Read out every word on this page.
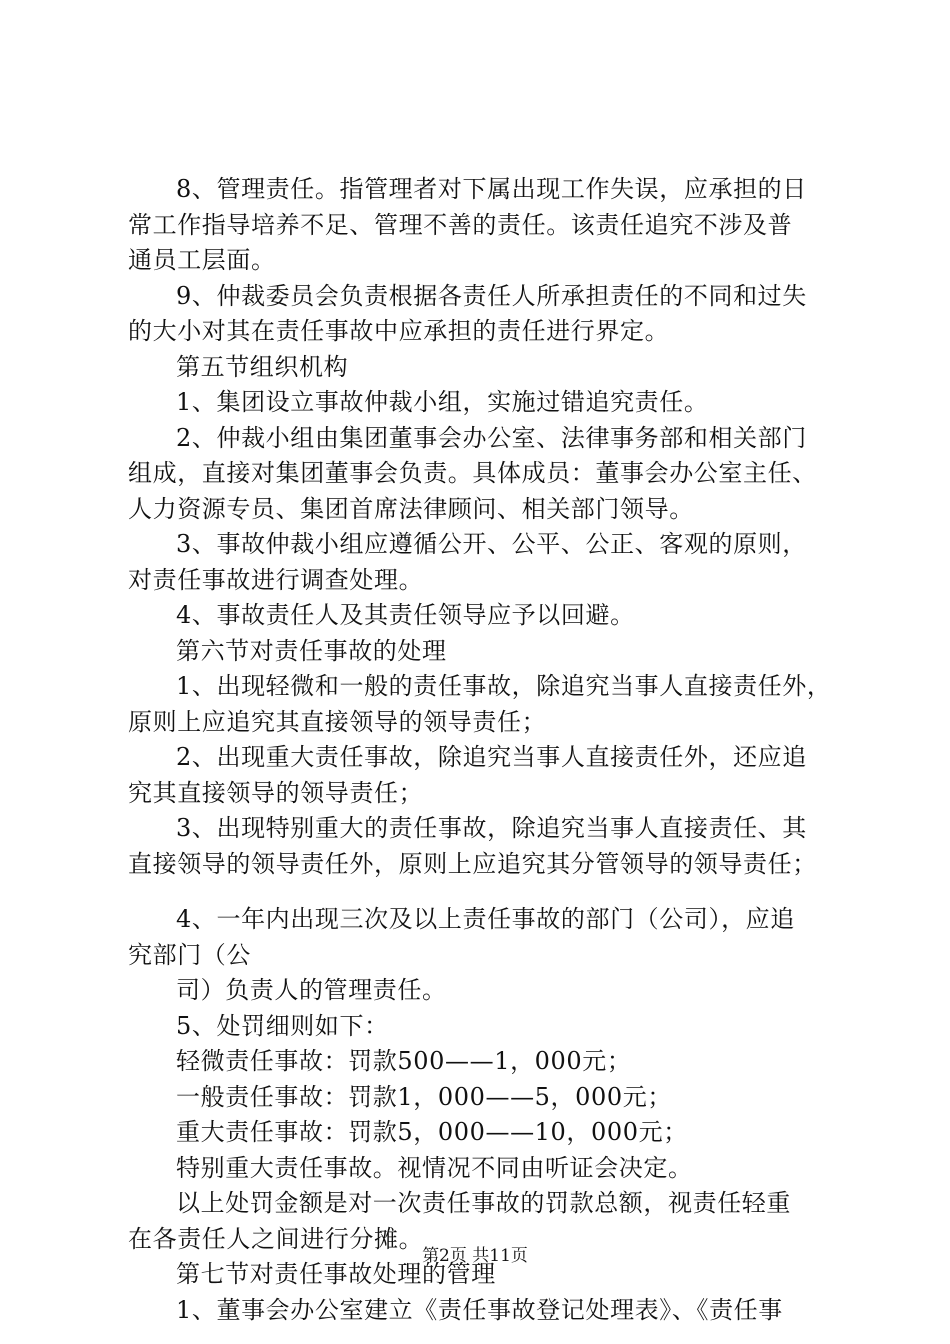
8、管理责任。指管理者对下属出现工作失误，应承担的日
常工作指导培养不足、管理不善的责任。该责任追究不涉及普
通员工层面。
9、仲裁委员会负责根据各责任人所承担责任的不同和过失
的大小对其在责任事故中应承担的责任进行界定。
第五节组织机构
1、集团设立事故仲裁小组，实施过错追究责任。
2、仲裁小组由集团董事会办公室、法律事务部和相关部门
组成，直接对集团董事会负责。具体成员：董事会办公室主任、
人力资源专员、集团首席法律顾问、相关部门领导。
3、事故仲裁小组应遵循公开、公平、公正、客观的原则，
对责任事故进行调查处理。
4、事故责任人及其责任领导应予以回避。
第六节对责任事故的处理
1、出现轻微和一般的责任事故，除追究当事人直接责任外，
原则上应追究其直接领导的领导责任；
2、出现重大责任事故，除追究当事人直接责任外，还应追
究其直接领导的领导责任；
3、出现特别重大的责任事故，除追究当事人直接责任、其
直接领导的领导责任外，原则上应追究其分管领导的领导责任；
4、一年内出现三次及以上责任事故的部门（公司），应追
究部门（公
司）负责人的管理责任。
5、处罚细则如下：
轻微责任事故：罚款500——1，000元；
一般责任事故：罚款1，000——5，000元；
重大责任事故：罚款5，000——10，000元；
特别重大责任事故。视情况不同由听证会决定。
以上处罚金额是对一次责任事故的罚款总额，视责任轻重
在各责任人之间进行分摊。
第七节对责任事故处理的管理
1、董事会办公室建立《责任事故登记处理表》、《责任事
第2页 共11页
